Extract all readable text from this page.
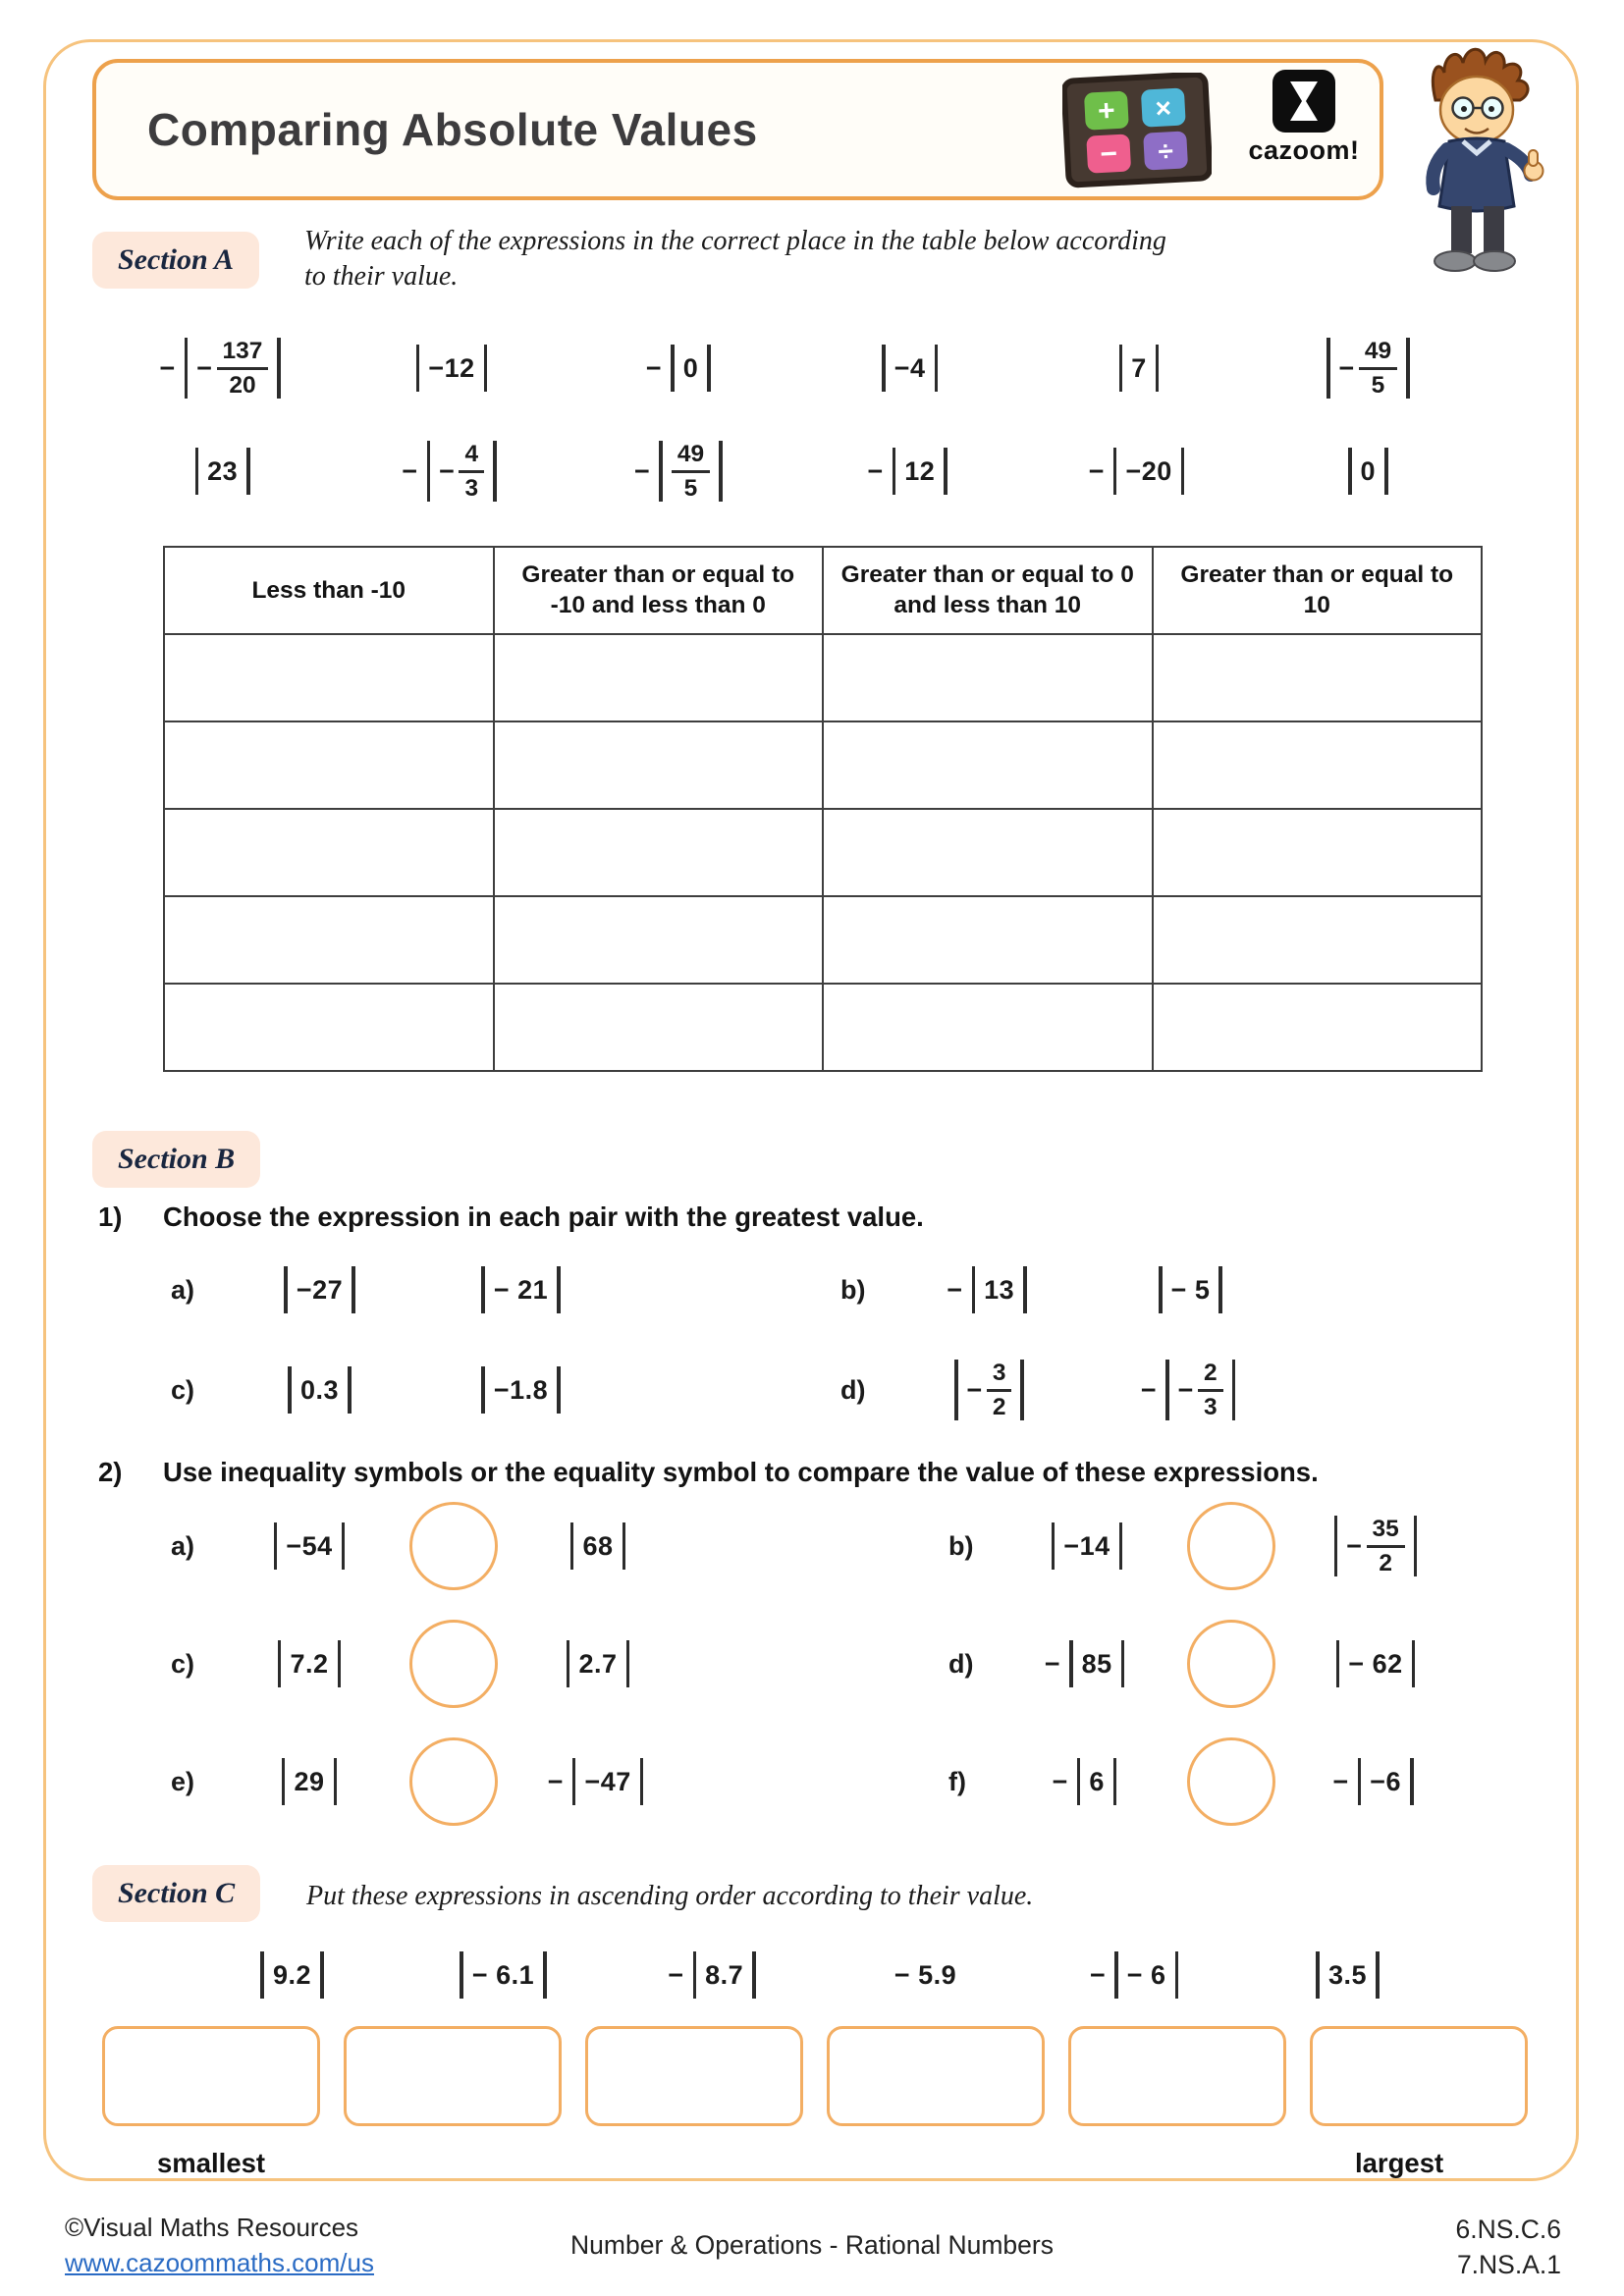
Comparing Absolute Values	+ ×
− ÷	cazoom!
Section A
Write each of the expressions in the correct place in the table below according
to their value.
− − $\frac{137}{20}$	−12	− 0	−4	7	− $\frac{49}{5}$
23	− − $\frac{4}{3}$	− $\frac{49}{5}$	− 12	− −20	0
Less than -10	Greater than or equal to -10 and less than 0	Greater than or equal to 0 and less than 10	Greater than or equal to 10

Section B
1) Choose the expression in each pair with the greatest value.
a)	−27	− 21	b)	− 13	− 5
c)	0.3	−1.8	d)	− $\frac{3}{2}$	− − $\frac{2}{3}$
2) Use inequality symbols or the equality symbol to compare the value of these expressions.
a)	−54	68	b)	−14	− $\frac{35}{2}$
c)	7.2	2.7	d)	− 85	− 62
e)	29	− −47	f)	− 6	− −6
Section C	Put these expressions in ascending order according to their value.
9.2	− 6.1	− 8.7	− 5.9	− − 6	3.5
smallest	largest
©Visual Maths Resources
www.cazoommaths.com/us
Number & Operations - Rational Numbers
6.NS.C.6
7.NS.A.1
